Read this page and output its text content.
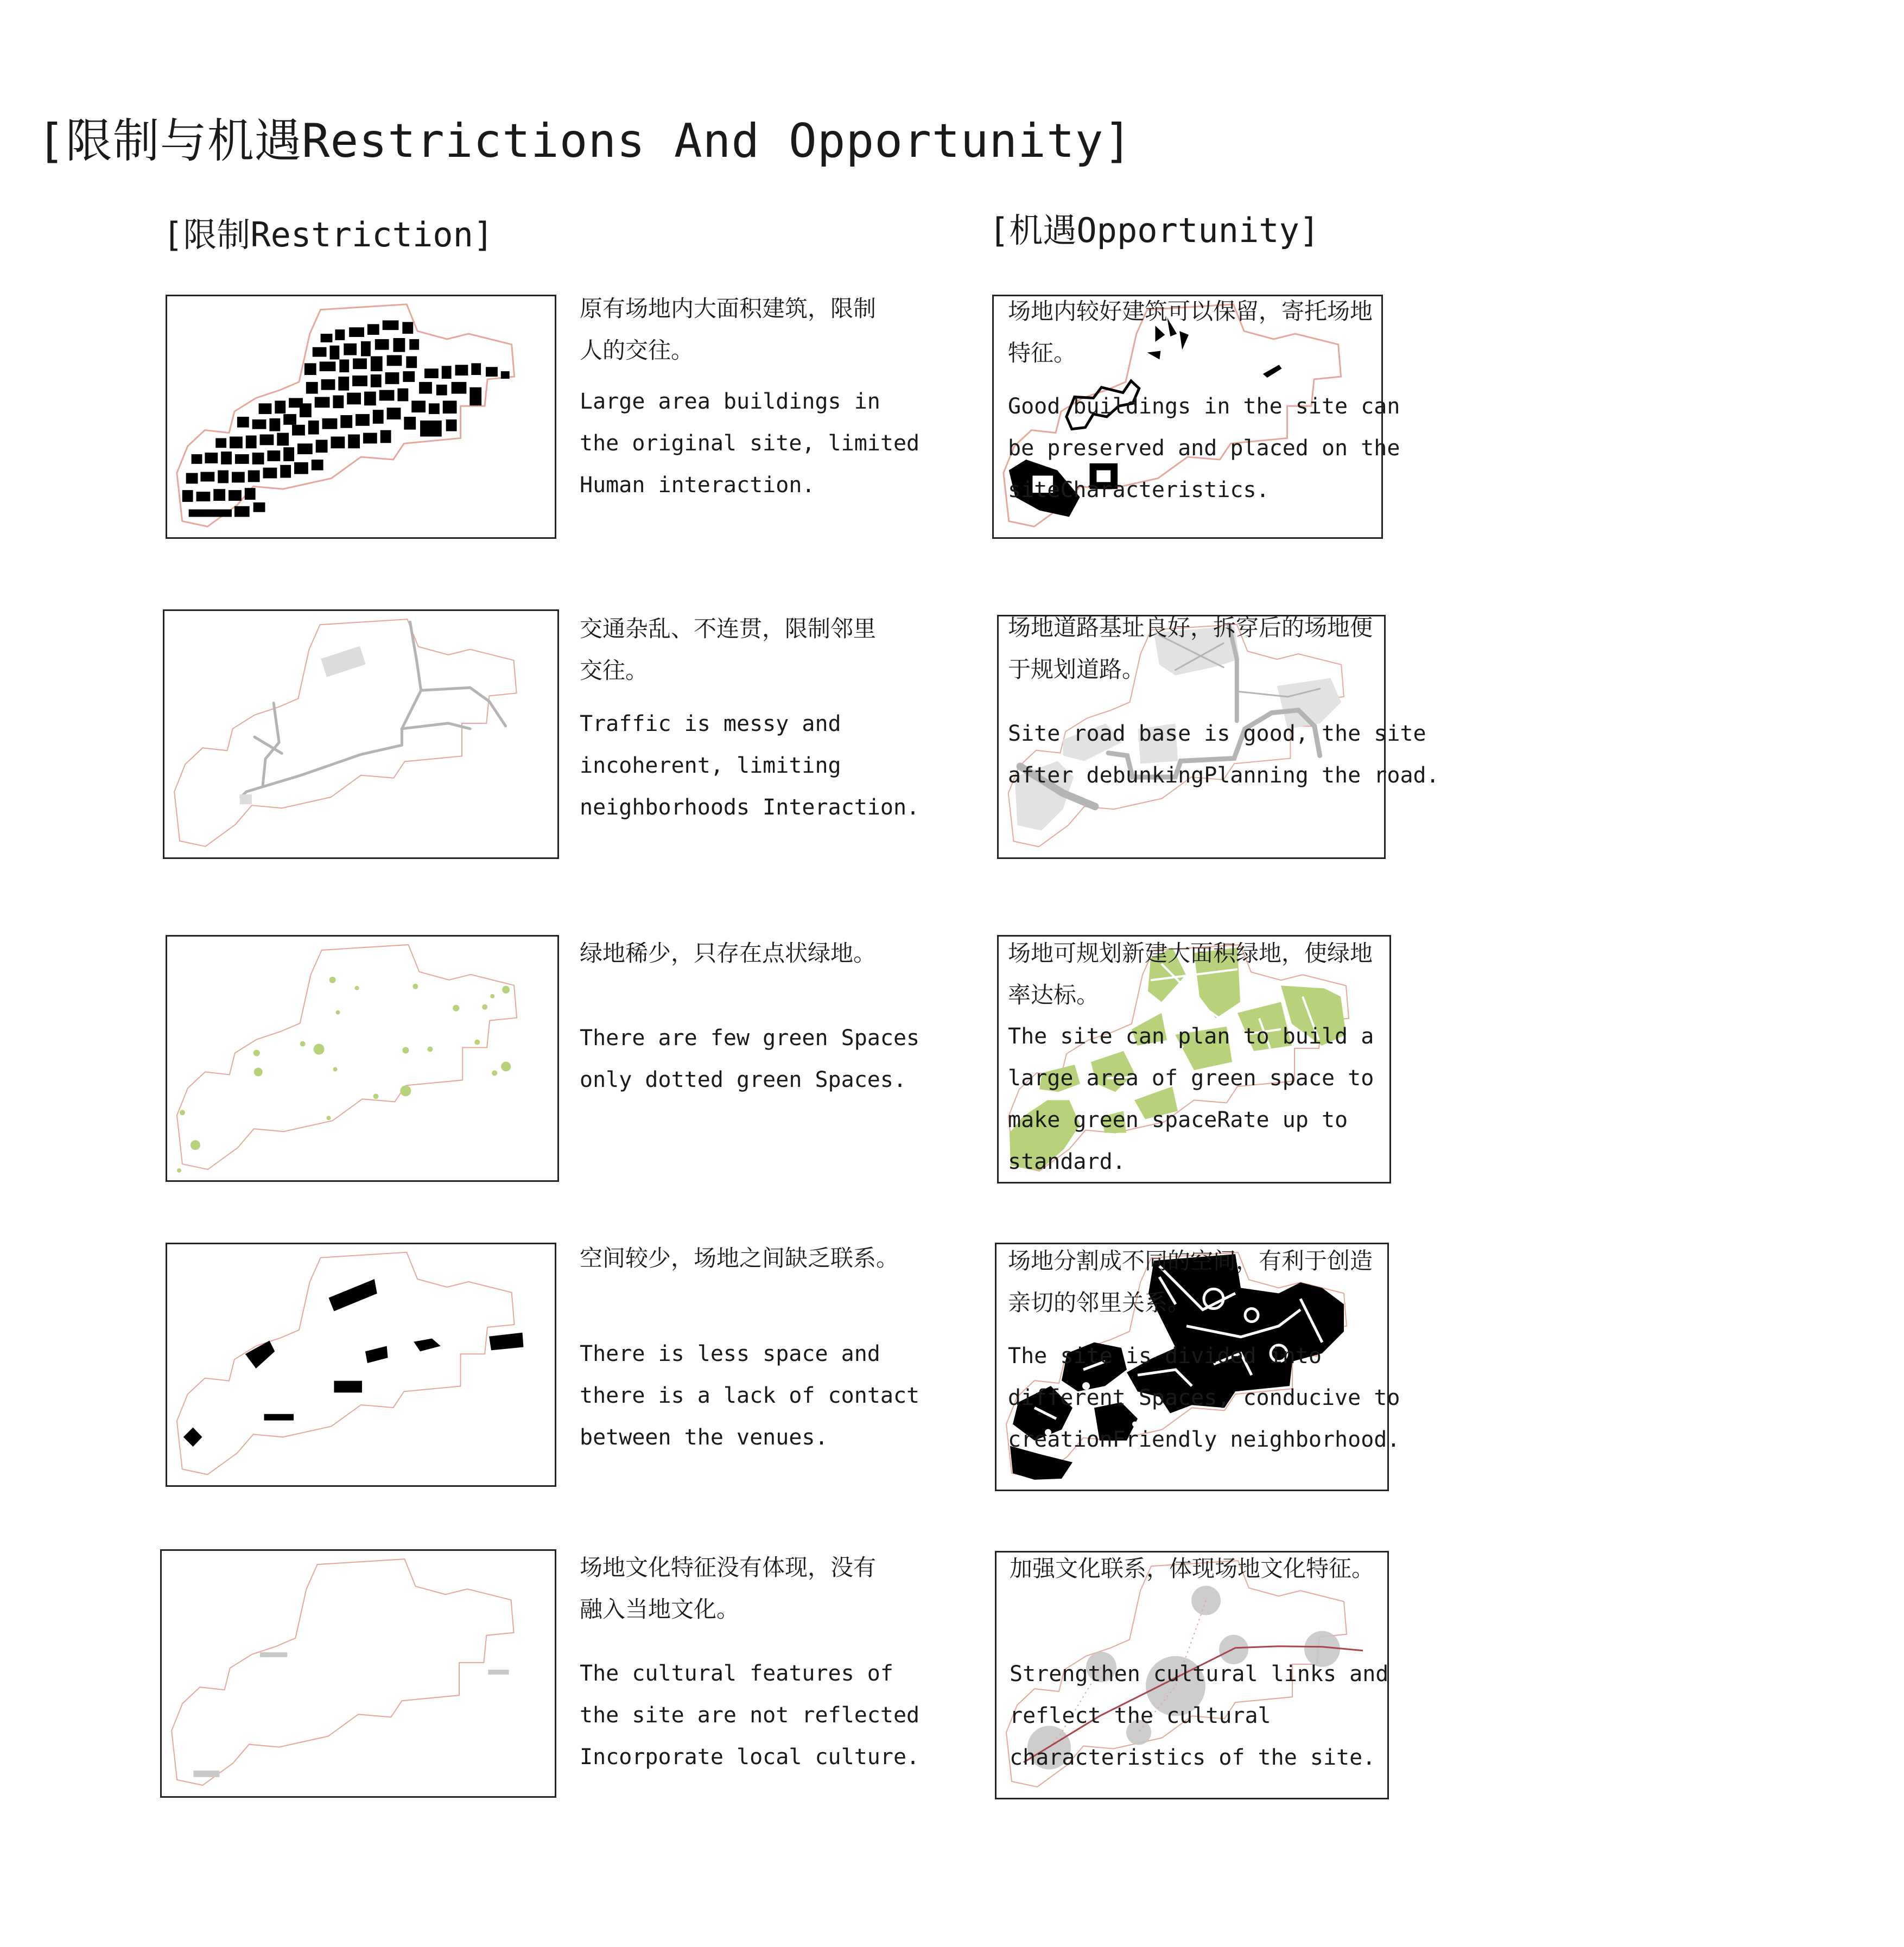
[限制与机遇Restrictions And Opportunity]
[限制Restriction]	[机遇Opportunity]

原有场地内大面积建筑，限制
人的交往。

Large area buildings in
the original site, limited
Human interaction.

交通杂乱、不连贯，限制邻里
交往。

Traffic is messy and
incoherent, limiting
neighborhoods Interaction.

绿地稀少，只存在点状绿地。

There are few green Spaces
only dotted green Spaces.

空间较少，场地之间缺乏联系。

There is less space and
there is a lack of contact
between the venues.

场地文化特征没有体现，没有
融入当地文化。

The cultural features of
the site are not reflected
Incorporate local culture.

场地内较好建筑可以保留，寄托场地
特征。

Good buildings in the site can
be preserved and placed on the
siteCharacteristics.

场地道路基址良好，拆穿后的场地便
于规划道路。

Site road base is good, the site
after debunkingPlanning the road.

场地可规划新建大面积绿地，使绿地
率达标。

The site can plan to build a
large area of green space to
make green spaceRate up to
standard.

场地分割成不同的空间，有利于创造
亲切的邻里关系。

The site is divided into
different Spaces, conducive to
creationFriendly neighborhood.

加强文化联系，体现场地文化特征。

Strengthen cultural links and
reflect the cultural
characteristics of the site.
